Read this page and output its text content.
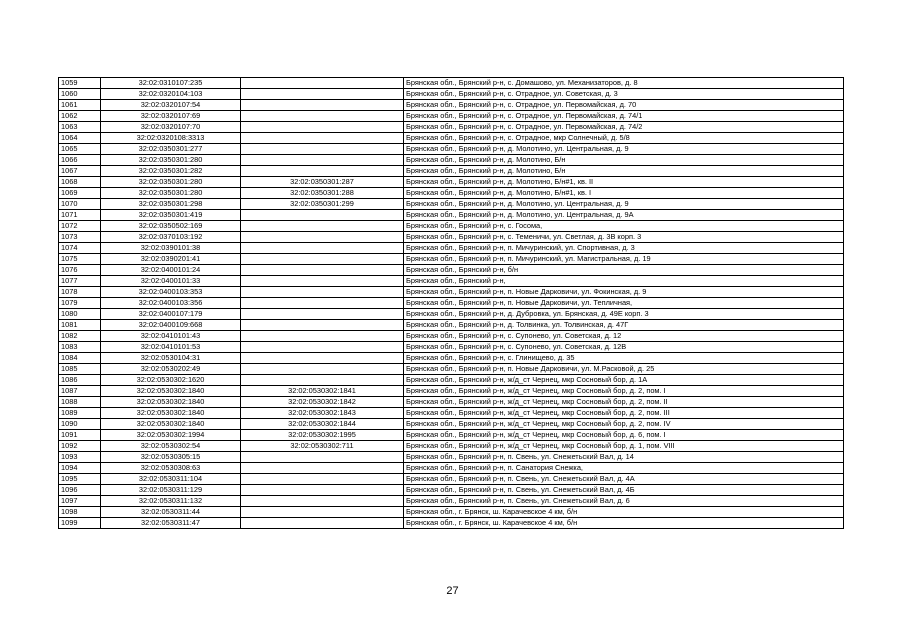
1059	32:02:0310107:235		Брянская обл., Брянский р-н, с. Домашово, ул. Механизаторов, д. 8
1060	32:02:0320104:103		Брянская обл., Брянский р-н, с. Отрадное, ул. Советская, д. 3
1061	32:02:0320107:54		Брянская обл., Брянский р-н, с. Отрадное, ул. Первомайская, д. 70
1062	32:02:0320107:69		Брянская обл., Брянский р-н, с. Отрадное, ул. Первомайская, д. 74/1
1063	32:02:0320107:70		Брянская обл., Брянский р-н, с. Отрадное, ул. Первомайская, д. 74/2
1064	32:02:0320108:3313		Брянская обл., Брянский р-н, с. Отрадное, мкр Солнечный, д. 5/8
1065	32:02:0350301:277		Брянская обл., Брянский р-н, д. Молотино, ул. Центральная, д. 9
1066	32:02:0350301:280		Брянская обл., Брянский р-н, д. Молотино, Б/н
1067	32:02:0350301:282		Брянская обл., Брянский р-н, д. Молотино, Б/н
1068	32:02:0350301:280	32:02:0350301:287	Брянская обл., Брянский р-н, д. Молотино, Б/н#1, кв. II
1069	32:02:0350301:280	32:02:0350301:288	Брянская обл., Брянский р-н, д. Молотино, Б/н#1, кв. I
1070	32:02:0350301:298	32:02:0350301:299	Брянская обл., Брянский р-н, д. Молотино, ул. Центральная, д. 9
1071	32:02:0350301:419		Брянская обл., Брянский р-н, д. Молотино, ул. Центральная, д. 9А
1072	32:02:0350502:169		Брянская обл., Брянский р-н, с. Госома,
1073	32:02:0370103:192		Брянская обл., Брянский р-н, с. Теменичи, ул. Светлая, д. 3В корп. 3
1074	32:02:0390101:38		Брянская обл., Брянский р-н, п. Мичуринский, ул. Спортивная, д. 3
1075	32:02:0390201:41		Брянская обл., Брянский р-н, п. Мичуринский, ул. Магистральная, д. 19
1076	32:02:0400101:24		Брянская обл., Брянский р-н, б/н
1077	32:02:0400101:33		Брянская обл., Брянский р-н,
1078	32:02:0400103:353		Брянская обл., Брянский р-н, п. Новые Дарковичи, ул. Фокинская, д. 9
1079	32:02:0400103:356		Брянская обл., Брянский р-н, п. Новые Дарковичи, ул. Тепличная,
1080	32:02:0400107:179		Брянская обл., Брянский р-н, д. Дубровка, ул. Брянская, д. 49Е корп. 3
1081	32:02:0400109:668		Брянская обл., Брянский р-н, д. Толвинка, ул. Толвинская, д. 47Г
1082	32:02:0410101:43		Брянская обл., Брянский р-н, с. Супонево, ул. Советская, д. 12
1083	32:02:0410101:53		Брянская обл., Брянский р-н, с. Супонево, ул. Советская, д. 12В
1084	32:02:0530104:31		Брянская обл., Брянский р-н, с. Глинищево, д. 35
1085	32:02:0530202:49		Брянская обл., Брянский р-н, п. Новые Дарковичи, ул. М.Расковой, д. 25
1086	32:02:0530302:1620		Брянская обл., Брянский р-н, ж/д_ст Чернец, мкр Сосновый бор, д. 1А
1087	32:02:0530302:1840	32:02:0530302:1841	Брянская обл., Брянский р-н, ж/д_ст Чернец, мкр Сосновый бор, д. 2, пом. I
1088	32:02:0530302:1840	32:02:0530302:1842	Брянская обл., Брянский р-н, ж/д_ст Чернец, мкр Сосновый бор, д. 2, пом. II
1089	32:02:0530302:1840	32:02:0530302:1843	Брянская обл., Брянский р-н, ж/д_ст Чернец, мкр Сосновый бор, д. 2, пом. III
1090	32:02:0530302:1840	32:02:0530302:1844	Брянская обл., Брянский р-н, ж/д_ст Чернец, мкр Сосновый бор, д. 2, пом. IV
1091	32:02:0530302:1994	32:02:0530302:1995	Брянская обл., Брянский р-н, ж/д_ст Чернец, мкр Сосновый бор, д. 6, пом. I
1092	32:02:0530302:54	32:02:0530302:711	Брянская обл., Брянский р-н, ж/д_ст Чернец, мкр Сосновый бор, д. 1, пом. VIII
1093	32:02:0530305:15		Брянская обл., Брянский р-н, п. Свень, ул. Снежетьский Вал, д. 14
1094	32:02:0530308:63		Брянская обл., Брянский р-н, п. Санатория Снежка,
1095	32:02:0530311:104		Брянская обл., Брянский р-н, п. Свень, ул. Снежетьский Вал, д. 4А
1096	32:02:0530311:129		Брянская обл., Брянский р-н, п. Свень, ул. Снежетьский Вал, д. 4Б
1097	32:02:0530311:132		Брянская обл., Брянский р-н, п. Свень, ул. Снежетьский Вал, д. 6
1098	32:02:0530311:44		Брянская обл., г. Брянск, ш. Карачевское 4 км, б/н
1099	32:02:0530311:47		Брянская обл., г. Брянск, ш. Карачевское 4 км, б/н
27
